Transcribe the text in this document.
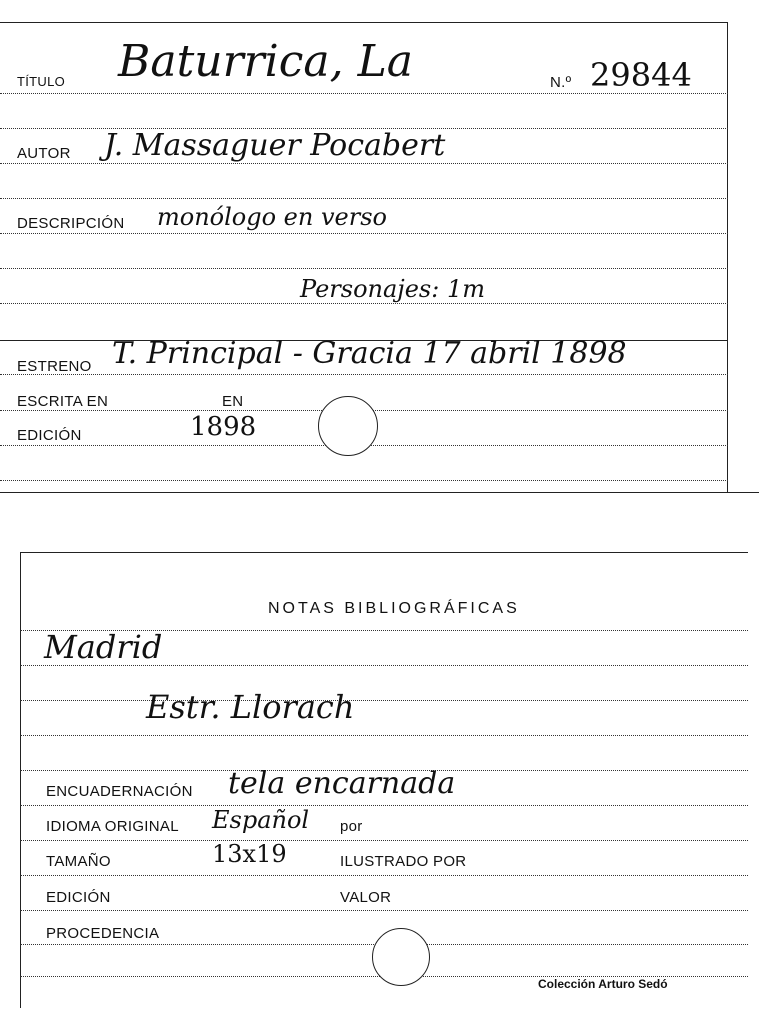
TÍTULO Baturrica, La	N.º 29844
AUTOR J. Massaguer Pocabert
DESCRIPCIÓN monólogo en verso
Personajes: 1m
ESTRENO T. Principal - Gracia 17 abril 1898
ESCRITA EN	EN
EDICIÓN	1898
NOTAS BIBLIOGRÁFICAS
Madrid
Estr. Llorach
ENCUADERNACIÓN tela encarnada
IDIOMA ORIGINAL Español por
TAMAÑO	13x19	ILUSTRADO POR
EDICIÓN	VALOR
PROCEDENCIA
Colección Arturo Sedó
